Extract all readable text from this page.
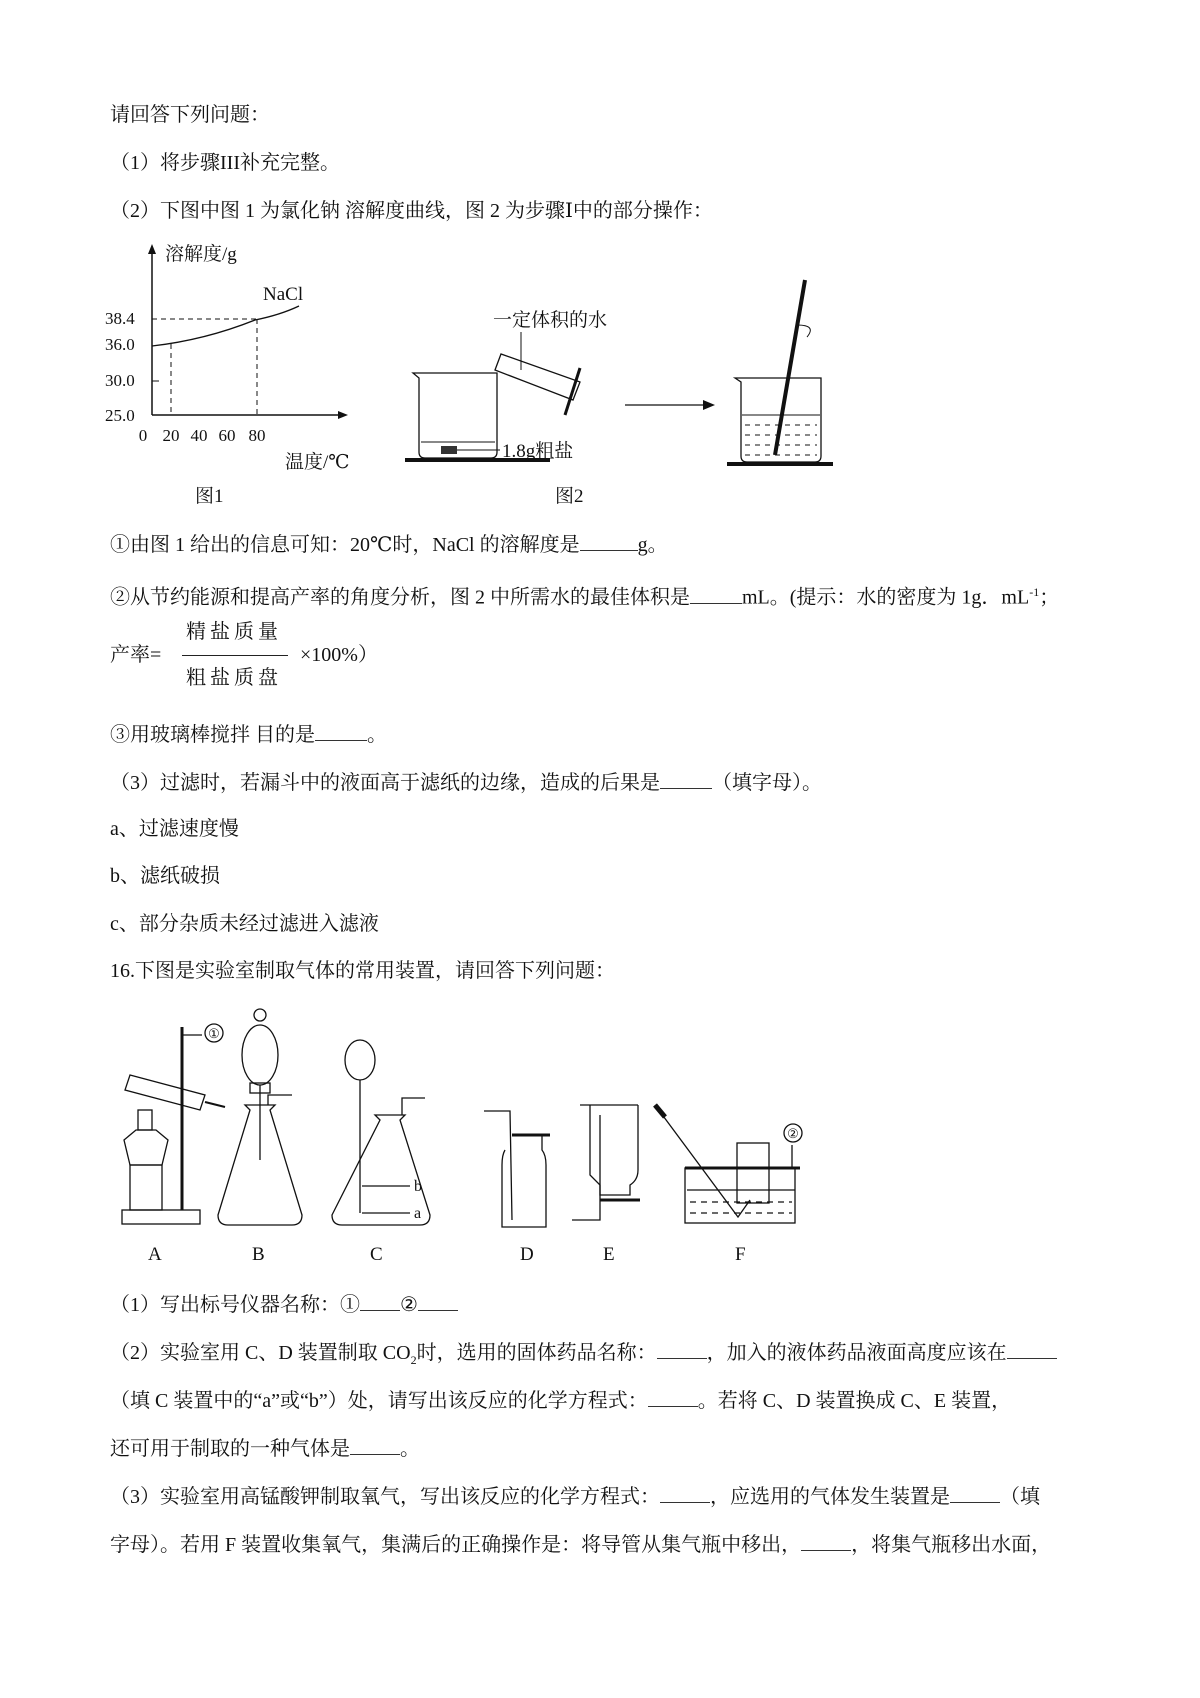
请回答下列问题：
（1）将步骤III补充完整。
（2）下图中图 1 为氯化钠 溶解度曲线，图 2 为步骤Ⅰ中的部分操作：
溶解度/g
NaCl
38.4
36.0
30.0
25.0
0 20 40 60 80
温度/℃
图1
1.8g粗盐
一定体积的水
图2
①由图 1 给出的信息可知：20℃时，NaCl 的溶解度是	g。
②从节约能源和提高产率的角度分析，图 2 中所需水的最佳体积是	mL。(提示：水的密度为 1g．$mL^{-1}$；
产率=
精盐质量
粗盐质盘
×100%）
③用玻璃棒搅拌 目的是	。
（3）过滤时，若漏斗中的液面高于滤纸的边缘，造成的后果是	（填字母）。
a、过滤速度慢
b、滤纸破损
c、部分杂质未经过滤进入滤液
16.下图是实验室制取气体的常用装置，请回答下列问题：
①
b
a
②
A	B	C	D	E	F
（1）写出标号仪器名称：① ②
（2）实验室用 C、D 装置制取 $CO_2$时，选用的固体药品名称：	，加入的液体药品液面高度应该在
（填 C 装置中的“a”或“b”）处，请写出该反应的化学方程式：	。若将 C、D 装置换成 C、E 装置，
还可用于制取的一种气体是	。
（3）实验室用高锰酸钾制取氧气，写出该反应的化学方程式：	，应选用的气体发生装置是	（填
字母）。若用 F 装置收集氧气，集满后的正确操作是：将导管从集气瓶中移出，	，将集气瓶移出水面，
